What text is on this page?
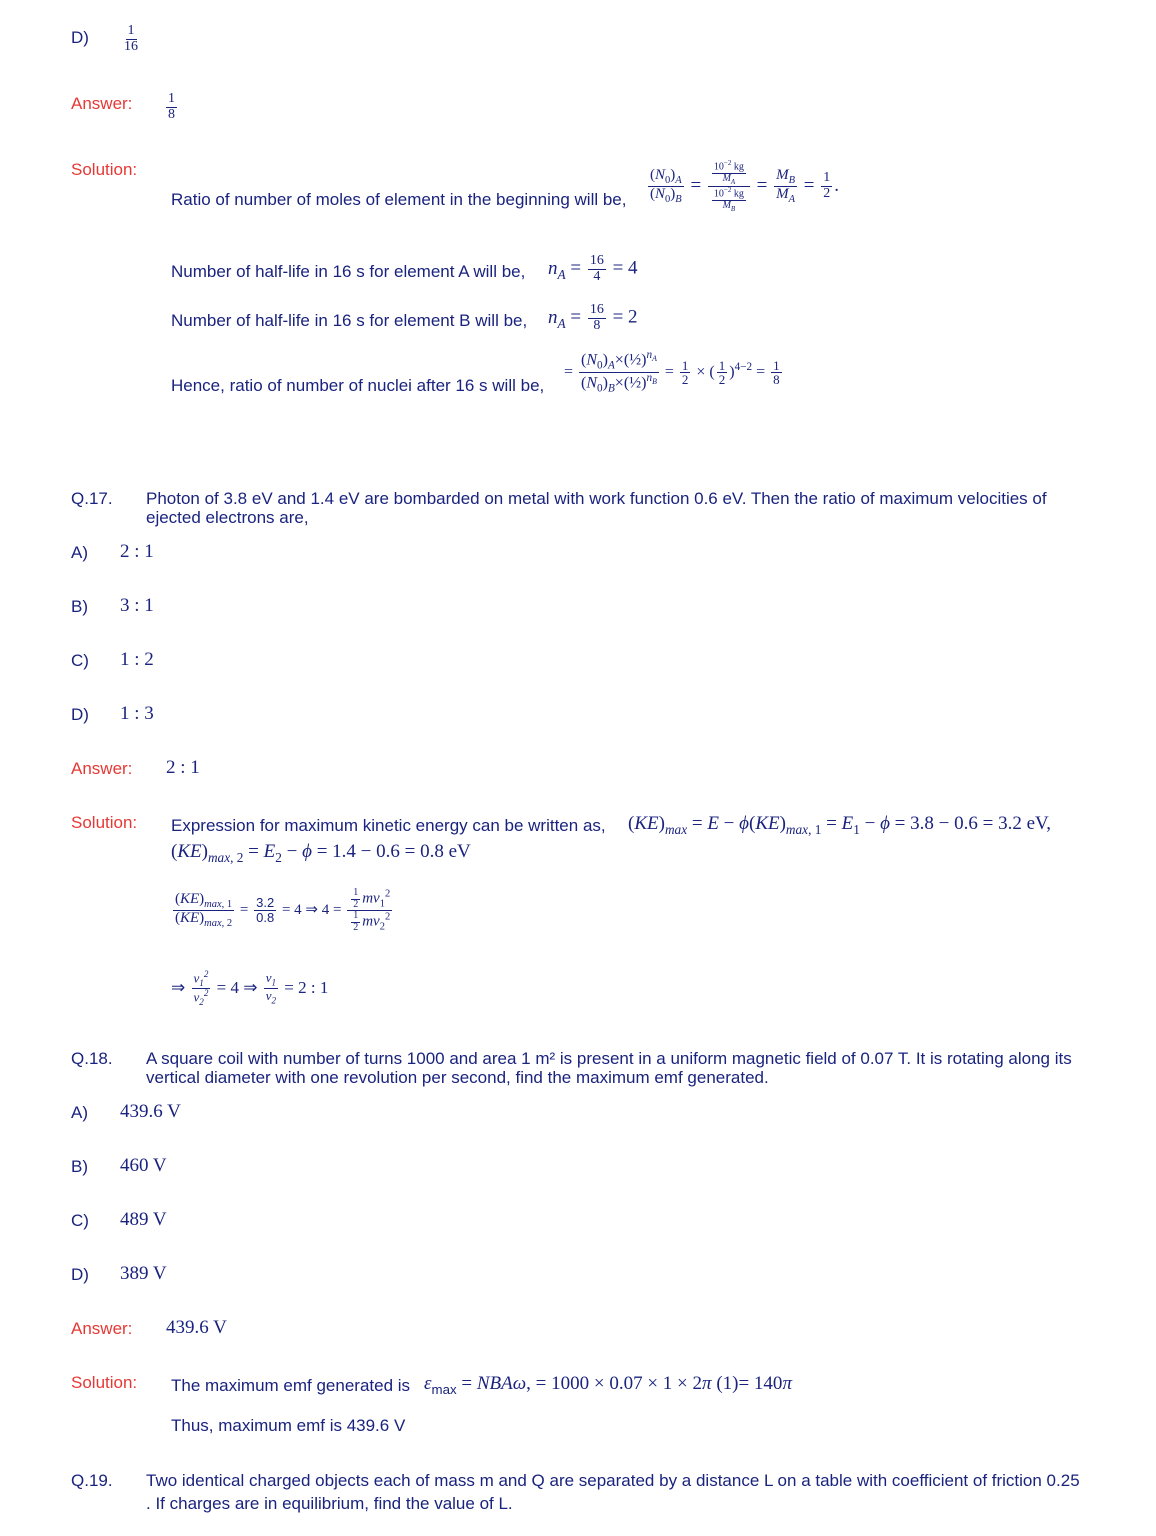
$D) \frac{1}{16}$
Answer: $\frac{1}{8}$
Solution:
Ratio of number of moles of element in the beginning will be, $\frac{(N_0)_A}{(N_0)_B} = \frac{\frac{10^{-2} kg}{M_A}}{\frac{10^{-2} kg}{M_B}} = \frac{M_B}{M_A} = \frac{1}{2}$ .
Number of half-life in 16 s for element A will be, $n_A = \frac{16}{4} = 4$
Number of half-life in 16 s for element B will be, $n_A = \frac{16}{8} = 2$
Hence, ratio of number of nuclei after 16 s will be,
= $\frac{(N_0)_A\times(\frac{1}{2})^{n_A}}{(N_0)_B\times(\frac{1}{2})^{n_B}} = \frac{1}{2}$ × ( $\frac{1}{2} )^{4-2} = \frac{1}{8}$
Q.17. Photon of 3.8 eV and 1.4 eV are bombarded on metal with work function 0.6 eV. Then the ratio of maximum velocities of
ejected electrons are,
A) 2 : 1
B) 3 : 1
C) 1 : 2
D) 1 : 3
Answer: 2 : 1
Solution: Expression for maximum kinetic energy can be written as, $(KE)_{max} = E - \phi(KE)_{max, 1} = E_1 - \phi = 3.8 - 0.6 = 3.2$ eV,
$(KE)_{max, 2} = E_2 - \phi = 1.4 - 0.6 = 0.8$ eV
$\frac{(KE)_{max, 1}}{(KE)_{max, 2}} = \frac{3.2}{0.8} = 4$ ⇒ $4 = \frac{\frac{1}{2} mv_1^2}{\frac{1}{2} mv_2^2}$
⇒ $\frac{v_1^2}{v_2^2} = 4$ ⇒ $\frac{v_1}{v_2} = 2$ : 1
Q.18. A square coil with number of turns 1000 and area 1 m² is present in a uniform magnetic field of 0.07 T. It is rotating along its
vertical diameter with one revolution per second, find the maximum emf generated.
A) 439.6 V
B) 460 V
C) 489 V
D) 389 V
Answer: 439.6 V
Solution: The maximum emf generated is $\varepsilon_{max} = NBA\omega$, = 1000 × 0.07 × 1 × 2π (1)= 140π
Thus, maximum emf is 439.6 V
Q.19. Two identical charged objects each of mass m and Q are separated by a distance L on a table with coefficient of friction 0.25
. If charges are in equilibrium, find the value of L.
